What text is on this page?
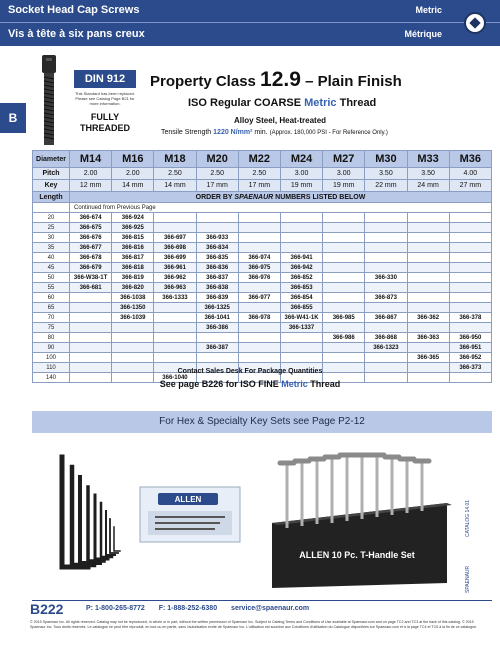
Socket Head Cap Screws
Vis à tête à six pans creux
Metric
Métrique
B
DIN 912
This Standard has been replaced. Please see Catalog Page B21 for more information.
FULLY THREADED
Property Class 12.9 – Plain Finish
ISO Regular COARSE Metric Thread
Alloy Steel, Heat-treated
Tensile Strength 1220 N/mm² min. (Approx. 180,000 PSI - For Reference Only.)
Diameter	M14	M16	M18	M20	M22	M24	M27	M30	M33	M36
Pitch	2.00	2.00	2.50	2.50	2.50	3.00	3.00	3.50	3.50	4.00
Key	12 mm	14 mm	14 mm	17 mm	17 mm	19 mm	19 mm	22 mm	24 mm	27 mm
Length	ORDER BY SPAENAUR NUMBERS LISTED BELOW									
	Continued from Previous Page									
20	366-674	366-924								
25	366-675	366-925								
30	366-676	366-815	366-697	366-933						
35	366-677	366-816	366-698	366-834						
40	366-678	366-817	366-699	366-835	366-974	366-941				
45	366-679	366-818	366-961	366-836	366-975	366-942				
50	366-W38-1T	366-819	366-962	366-837	366-976	366-852		366-330		
55	366-681	366-820	366-963	366-838		366-853				
60		366-1038	366-1333	366-839	366-977	366-854		366-873		
65		366-1350		366-1325		366-855				
70		366-1039		366-1041	366-978	366-W41-1K	366-985	366-867	366-362	366-378
75				366-386		366-1337				
80							366-986	366-868	366-363	366-950
90				366-387				366-1323		366-951
100									366-365	366-952
110										366-373
140			366-1040							
Contact Sales Desk For Package Quantities
See page B226 for ISO FINE Metric Thread
For Hex & Specialty Key Sets see Page P2-12
ALLEN
ALLEN 10 Pc. T-Handle Set
CATALOG 14.01
SPAENAUR
B222	P: 1-800-265-8772 F: 1-888-252-6380 service@spaenaur.com
© 2015 Spaenaur Inc. All rights reserved. Catalog may not be reproduced, in whole or in part, without the written permission of Spaenaur Inc. Subject to Catalog Terms and Conditions of Use available at Spaenaur.com and on page TC2 and TC3 at the back of this catalog. © 2015 Spaenaur Inc. Tous droits réservés. Le catalogue ne peut être reproduit, en tout ou en partie, sans l'autorisation écrite de Spaenaur Inc. L'utilisation est soumise aux Conditions d'utilisation du Catalogue disponibles sur Spaenaur.com et à la page TC4 et TC5 à la fin de ce catalogue.
